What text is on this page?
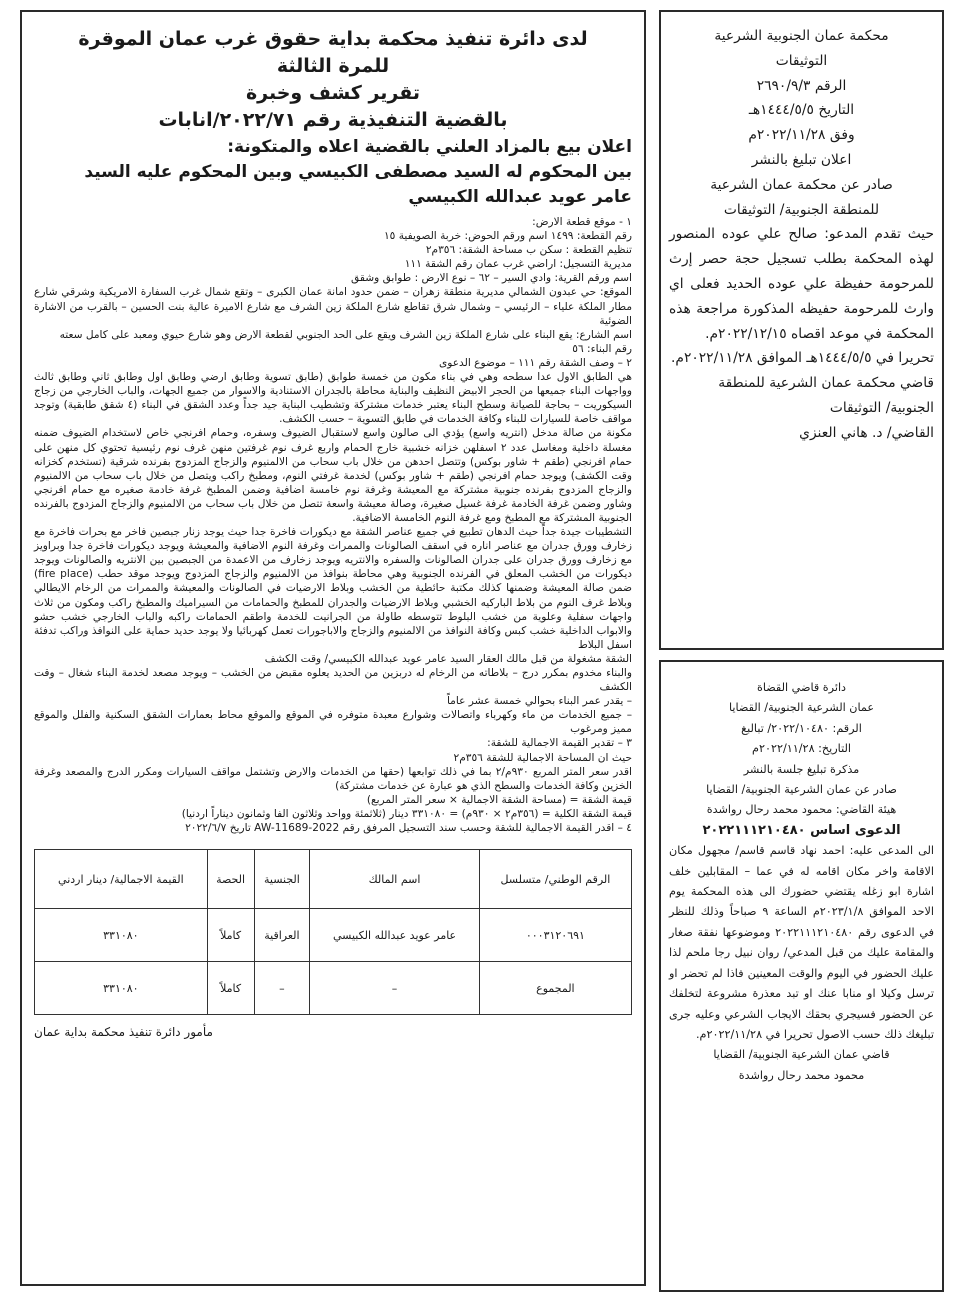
لدى دائرة تنفيذ محكمة بداية حقوق غرب عمان الموقرة

للمرة الثالثة

تقرير كشف وخبرة

بالقضية التنفيذية رقم ٢٠٢٢/٧١/انابات

اعلان بيع بالمزاد العلني بالقضية اعلاه والمتكونة:

بين المحكوم له السيد مصطفى الكبيسي وبين المحكوم عليه السيد

عامر عويد عبدالله الكبيسي

١ - موقع قطعة الارض:

رقم القطعة: ١٤٩٩ اسم ورقم الحوض: خربة الصويفية ١٥

تنظيم القطعة : سكن ب مساحة الشقة: ٣٥٦م٢

مديرية التسجيل: اراضي غرب عمان رقم الشقة ١١١

اسم ورقم القرية: وادي السير – ٦٢ – نوع الارض : طوابق وشقق

الموقع: حي عبدون الشمالي مديرية منطقة زهران – ضمن حدود امانة عمان الكبرى – وتقع شمال غرب السفارة الامريكية وشرقي شارع مطار الملكة علياء – الرئيسي – وشمال شرق تقاطع شارع الملكة زين الشرف مع شارع الاميرة عالية بنت الحسين – بالقرب من الاشارة الضوئية

اسم الشارع: يقع البناء على شارع الملكة زين الشرف ويقع على الحد الجنوبي لقطعة الارض وهو شارع حيوي ومعبد على كامل سعته

رقم البناء: ٥٦

٢ – وصف الشقة رقم ١١١ – موضوع الدعوى

هي الطابق الاول عدا سطحه وهي في بناء مكون من خمسة طوابق (طابق تسوية وطابق ارضي وطابق اول وطابق ثاني وطابق ثالث وواجهات البناء جميعها من الحجر الابيض النظيف والبناية محاطة بالجدران الاستنادية والاسوار من جميع الجهات، والباب الخارجي من زجاج السيكوريت – بحاجة للصيانة وسطح البناء يعتبر خدمات مشتركة وتشطيب البناية جيد جداً وعدد الشقق في البناء (٤ شقق طابقية) وتوجد مواقف خاصة للسيارات للبناء وكافة الخدمات في طابق التسوية – حسب الكشف.

مكونة من صالة مدخل (انتريه واسع) يؤدي الى صالون واسع لاستقبال الضيوف وسفره، وحمام افرنجي خاص لاستخدام الضيوف ضمنه مغسلة داخلية ومغاسل عدد ٢ اسفلهن خزانه خشبية خارج الحمام واربع غرف نوم غرفتين منهن غرف نوم رئيسية تحتوي كل منهن على حمام افرنجي (طقم + شاور بوكس) وتتصل احدهن من خلال باب سحاب من الالمنيوم والزجاج المزدوج بفرنده شرقية (تستخدم كخزانه وقت الكشف) ويوجد حمام افرنجي (طقم + شاور بوكس) لخدمة غرفتي النوم، ومطبخ راكب ويتصل من خلال باب سحاب من الالمنيوم والزجاج المزدوج بفرنده جنوبية مشتركة مع المعيشة وغرفة نوم خامسة اضافية وضمن المطبخ غرفة خادمة صغيره مع حمام افرنجي وشاور وضمن غرفة الخادمة غرفة غسيل صغيرة، وصالة معيشة واسعة تتصل من خلال باب سحاب من الالمنيوم والزجاج المزدوج بالفرنده الجنوبية المشتركة مع المطبخ ومع غرفة النوم الخامسة الاضافية.

التشطيبات جيدة جداً حيث الدهان تطبيع في جميع عناصر الشقة مع ديكورات فاخرة جدا حيث يوجد زنار جبصين فاخر مع بحرات فاخرة مع زخارف وورق جدران مع عناصر اناره في اسقف الصالونات والممرات وغرفة النوم الاضافية والمعيشة ويوجد ديكورات فاخرة جدا وبراويز مع زخارف وورق جدران على جدران الصالونات والسفره والانتريه ويوجد زخارف من الاعمدة من الجبصين بين الانتريه والصالونات ويوجد ديكورات من الخشب المعلق في الفرنده الجنوبية وهي محاطة بنوافذ من الالمنيوم والزجاج المزدوج ويوجد موقد حطب (fire place) ضمن صالة المعيشة وضمنها كذلك مكتبة حائطية من الخشب وبلاط الارضيات في الصالونات والمعيشة والممرات من الرخام الايطالي وبلاط غرف النوم من بلاط الباركيه الخشبي وبلاط الارضيات والجدران للمطبخ والحمامات من السيراميك والمطبخ راكب ومكون من ثلاث واجهات سفلية وعلوية من خشب البلوط تتوسطه طاولة من الجرانيت للخدمة واطقم الحمامات راكبه والباب الخارجي خشب حشو والابواب الداخلية خشب كبس وكافة النوافذ من الالمنيوم والزجاج والاباجورات تعمل كهربائيا ولا يوجد حديد حماية على النوافذ وراكب تدفئة اسفل البلاط

الشقة مشغولة من قبل مالك العقار السيد عامر عويد عبدالله الكبيسي/ وقت الكشف

والبناء مخدوم بمكرر درج – بلاطاته من الرخام له دربزين من الحديد يعلوه مقبض من الخشب – ويوجد مصعد لخدمة البناء شغال – وقت الكشف

– يقدر عمر البناء بحوالي خمسة عشر عاماً

– جميع الخدمات من ماء وكهرباء واتصالات وشوارع معبدة متوفره في الموقع والموقع محاط بعمارات الشقق السكنية والفلل والموقع مميز ومرغوب

٣ – تقدير القيمة الاجمالية للشقة:

حيث ان المساحة الاجمالية للشقة ٣٥٦م٢

اقدر سعر المتر المربع ٩٣٠م/٢ بما في ذلك توابعها (حقها من الخدمات والارض وتشتمل مواقف السيارات ومكرر الدرج والمصعد وغرفة الخزين وكافة الخدمات والسطح الذي هو عبارة عن خدمات مشتركة)

قيمة الشقة = (مساحة الشقة الاجمالية × سعر المتر المربع)

قيمة الشقة الكلية = (٣٥٦م٢ × ٩٣٠م) = ٣٣١٠٨٠ دينار (ثلاثمئة وواحد وثلاثون الفا وثمانون ديناراً اردنيا)

٤ – اقدر القيمة الاجمالية للشقة وحسب سند التسجيل المرفق رقم 2022-AW-11689 تاريخ ٢٠٢٢/٦/٧

الرقم الوطني/ متسلسل	اسم المالك	الجنسية	الحصة	القيمة الاجمالية/ دينار اردني
٠٠٠٣١٢٠٦٩١	عامر عويد عبدالله الكبيسي	العراقية	كاملاً	٣٣١٠٨٠
المجموع	–	–	كاملاً	٣٣١٠٨٠
مأمور دائرة تنفيذ محكمة بداية عمان

محكمة عمان الجنوبية الشرعية

التوثيقات

الرقم ٢٦٩٠/٩/٣

التاريخ ١٤٤٤/٥/٥هـ

وفق ٢٠٢٢/١١/٢٨م

اعلان تبليغ بالنشر

صادر عن محكمة عمان الشرعية

للمنطقة الجنوبية/ التوثيقات

حيث تقدم المدعو: صالح علي عوده المنصور لهذه المحكمة بطلب تسجيل حجة حصر إرث للمرحومة حفيظة علي عوده الحديد فعلى اي وارث للمرحومة حفيظه المذكورة مراجعة هذه المحكمة في موعد اقصاه ٢٠٢٢/١٢/١٥م.

تحريرا في ١٤٤٤/٥/٥هـ الموافق ٢٠٢٢/١١/٢٨م.

قاضي محكمة عمان الشرعية للمنطقة

الجنوبية/ التوثيقات

القاضي/ د. هاني العنزي

دائرة قاضي القضاة

عمان الشرعية الجنوبية/ القضايا

الرقم: ٢٠٢٢/١٠٤٨٠/ تبالبغ

التاريخ: ٢٠٢٢/١١/٢٨م

مذكرة تبليغ جلسة بالنشر

صادر عن عمان الشرعية الجنوبية/ القضايا

هيئة القاضي: محمود محمد رحال رواشدة

الدعوى اساس ٢٠٢٢١١١٢١٠٤٨٠

الى المدعى عليه: احمد نهاد قاسم قاسم/ مجهول مكان الاقامة واخر مكان اقامه له في عما – المقابلين خلف اشارة ابو زغله يقتضي حضورك الى هذه المحكمة يوم الاحد الموافق ٢٠٢٣/١/٨م الساعة ٩ صباحاً وذلك للنظر في الدعوى رقم ٢٠٢٢١١١٢١٠٤٨٠ وموضوعها نفقة صغار والمقامة عليك من قبل المدعي/ روان نبيل رجا ملحم لذا عليك الحضور في اليوم والوقت المعينين فاذا لم تحضر او ترسل وكيلا او منابا عنك او تبد معذرة مشروعة لتخلفك عن الحضور فسيجري بحقك الايجاب الشرعي وعليه جرى تبليغك ذلك حسب الاصول تحريرا في ٢٠٢٢/١١/٢٨م.

قاضي عمان الشرعية الجنوبية/ القضايا

محمود محمد رحال رواشدة
